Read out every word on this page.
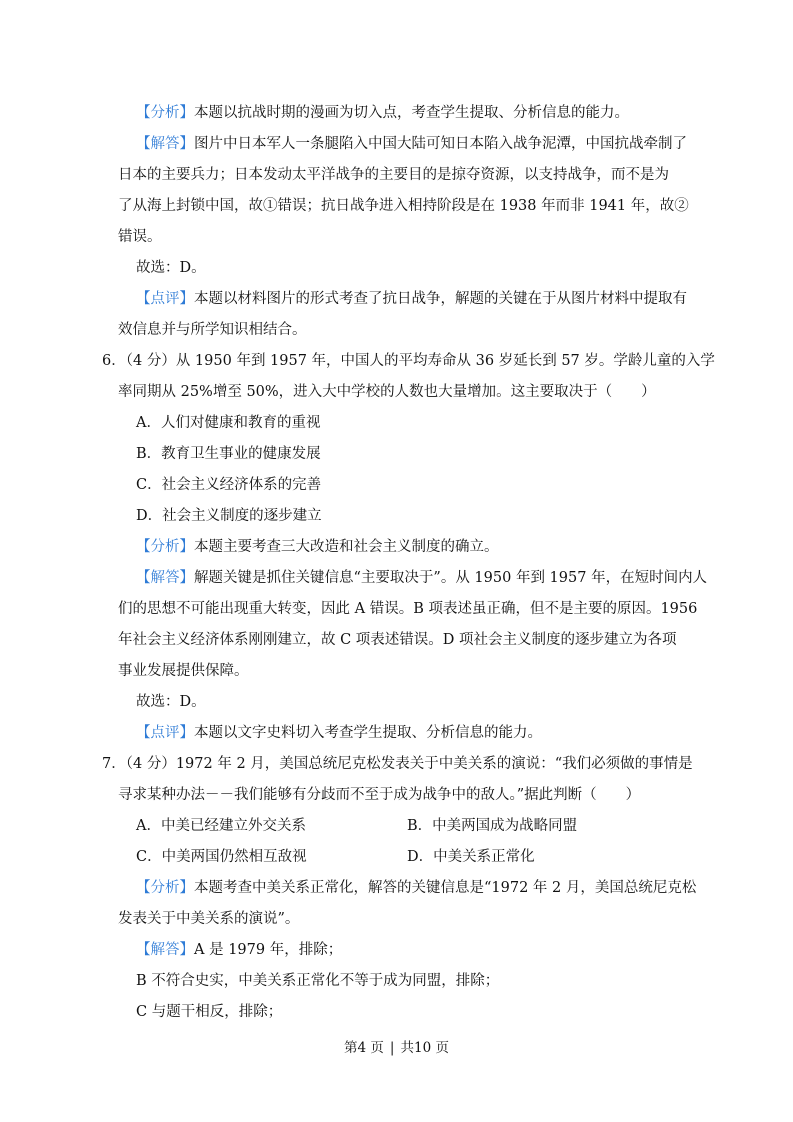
【分析】本题以抗战时期的漫画为切入点，考查学生提取、分析信息的能力。
【解答】图片中日本军人一条腿陷入中国大陆可知日本陷入战争泥潭，中国抗战牵制了
日本的主要兵力；日本发动太平洋战争的主要目的是掠夺资源，以支持战争，而不是为
了从海上封锁中国，故①错误；抗日战争进入相持阶段是在 1938 年而非 1941 年，故②
错误。
故选：D。
【点评】本题以材料图片的形式考查了抗日战争，解题的关键在于从图片材料中提取有
效信息并与所学知识相结合。
6．（4 分）从 1950 年到 1957 年，中国人的平均寿命从 36 岁延长到 57 岁。学龄儿童的入学
率同期从 25%增至 50%，进入大中学校的人数也大量增加。这主要取决于（　　）
A．人们对健康和教育的重视
B．教育卫生事业的健康发展
C．社会主义经济体系的完善
D．社会主义制度的逐步建立
【分析】本题主要考查三大改造和社会主义制度的确立。
【解答】解题关键是抓住关键信息“主要取决于”。从 1950 年到 1957 年，在短时间内人
们的思想不可能出现重大转变，因此 A 错误。B 项表述虽正确，但不是主要的原因。1956
年社会主义经济体系刚刚建立，故 C 项表述错误。D 项社会主义制度的逐步建立为各项
事业发展提供保障。
故选：D。
【点评】本题以文字史料切入考查学生提取、分析信息的能力。
7．（4 分）1972 年 2 月，美国总统尼克松发表关于中美关系的演说：“我们必须做的事情是
寻求某种办法－－我们能够有分歧而不至于成为战争中的敌人。”据此判断（　　）
A．中美已经建立外交关系	B．中美两国成为战略同盟
C．中美两国仍然相互敌视	D．中美关系正常化
【分析】本题考查中美关系正常化，解答的关键信息是“1972 年 2 月，美国总统尼克松
发表关于中美关系的演说”。
【解答】A 是 1979 年，排除；
B 不符合史实，中美关系正常化不等于成为同盟，排除；
C 与题干相反，排除；
第4 页 | 共10 页
